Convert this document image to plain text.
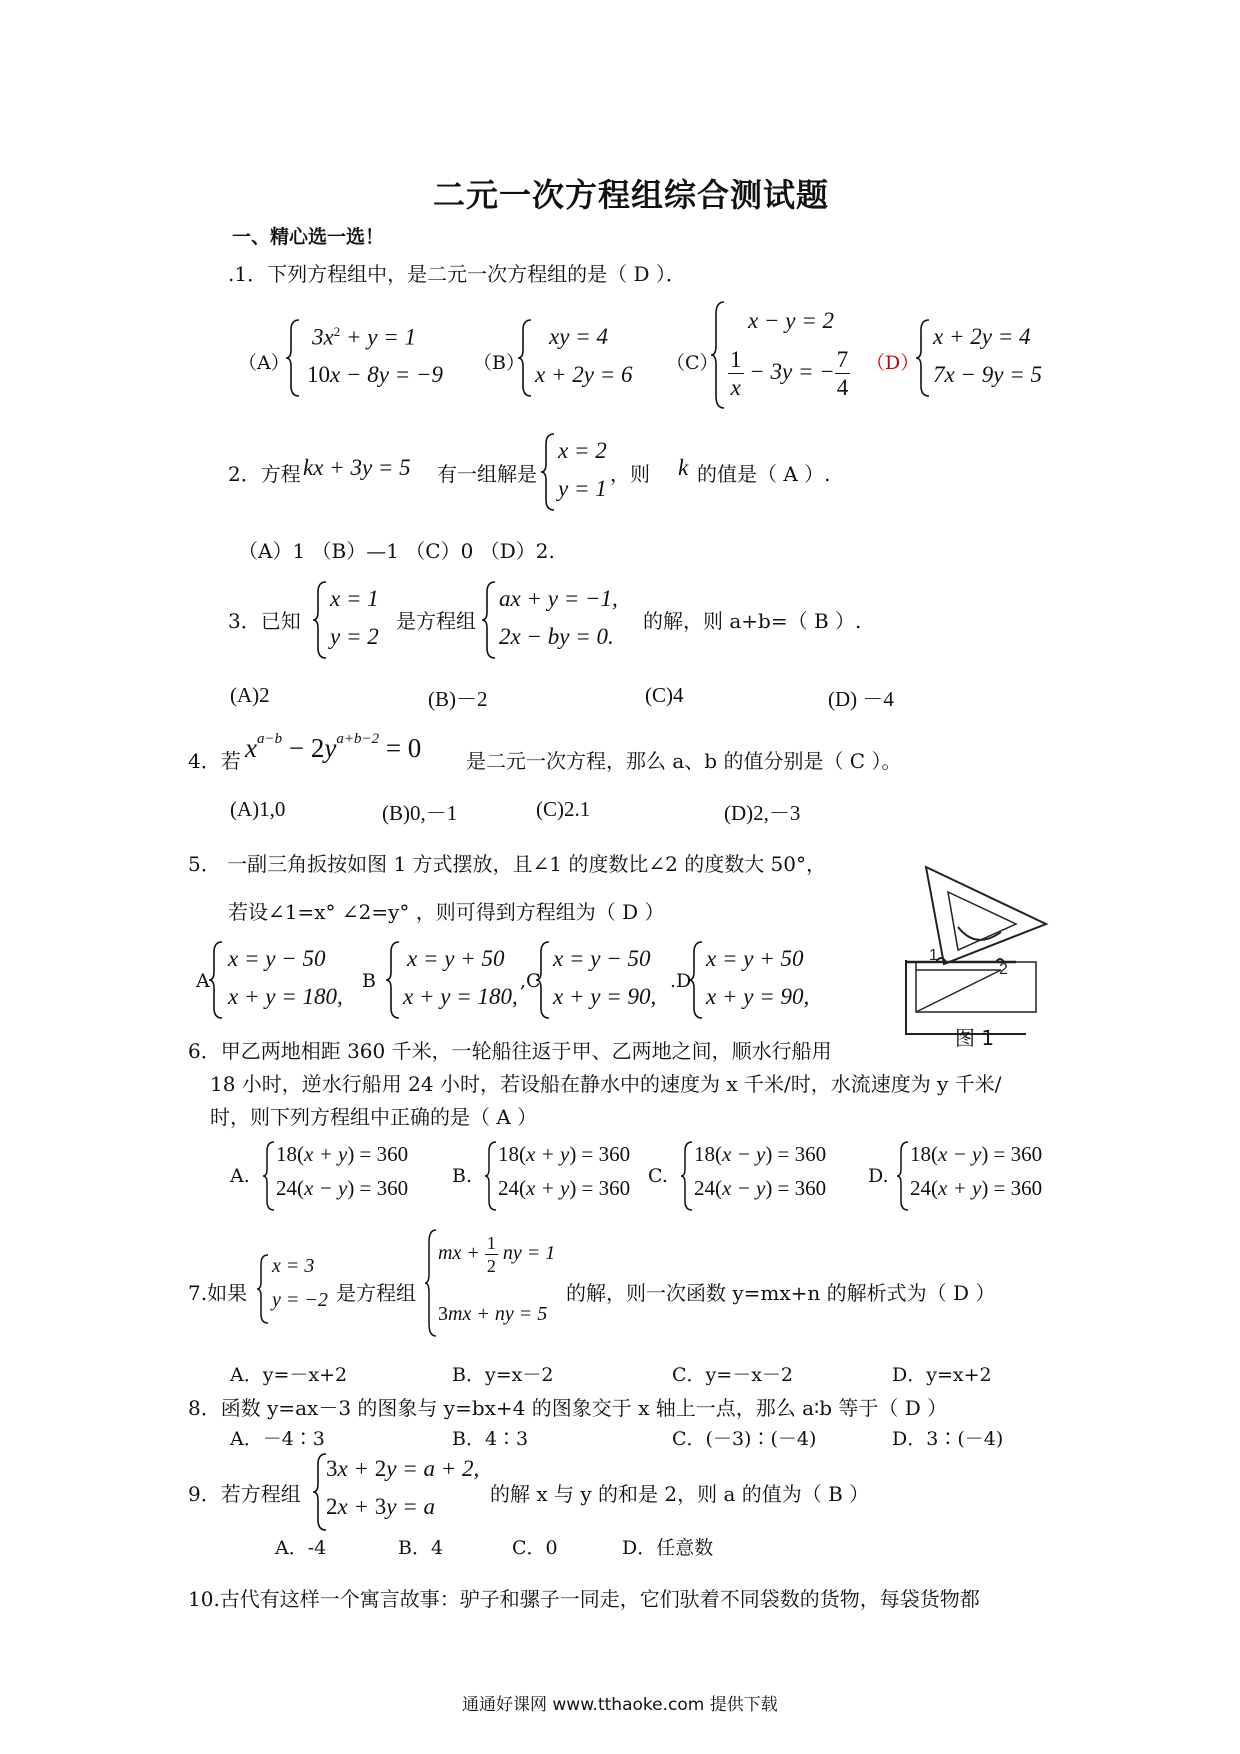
二元一次方程组综合测试题
一、精心选一选！
.1．下列方程组中，是二元一次方程组的是（ D ）．
（A）
$3x^2 + y = 1$
10x − 8y = −9 （B）
xy = 4
x + 2y = 6 （C）
x − y = 2
$\frac{1}{x} - 3y$ = − $\frac{7}{4} (D)$
x + 2y = 4
7x − 9y = 5
2．方程 kx + 3y = 5 有一组解是
x = 2
y = 1
，则 k 的值是（ A ）.
（A）1 （B）—1 （C）0 （D）2.
3．已知
x = 1
y = 2
是方程组
ax + y = −1,
2x − by = 0.
的解，则 a+b=（ B ）.
(A)2	(B)－2	(C)4	(D) －4
4．若 $x^{a-b} - 2y^{a+b-2} = 0$ 是二元一次方程，那么 a、b 的值分别是（ C ）。
(A)1,0	(B)0,－1	(C)2.1	(D)2,－3
5． 一副三角扳按如图 1 方式摆放，且∠1 的度数比∠2 的度数大 50°，
若设∠1=x° ∠2=y° ，则可得到方程组为（ D ）
A
x = y − 50
x + y = 180,
B
x = y + 50
x + y = 180,
,C
x = y − 50
x + y = 90,
.D
x = y + 50
x + y = 90,
1
2
图 1
6．甲乙两地相距 360 千米，一轮船往返于甲、乙两地之间，顺水行船用
18 小时，逆水行船用 24 小时，若设船在静水中的速度为 x 千米/时，水流速度为 y 千米/
时，则下列方程组中正确的是（ A ）
A.
18(x + y) = 360
24(x − y) = 360 B.
18(x + y) = 360
24(x + y) = 360 C.
18(x − y) = 360
24(x − y) = 360 D.
18(x − y) = 360
24(x + y) = 360
7.如果
x = 3
y = −2 是方程组
mx + $\frac{1}{2}$ ny = 1
3mx + ny = 5
的解，则一次函数 y=mx+n 的解析式为（ D ）
A．y=－x+2	B．y=x－2	C．y=－x－2	D．y=x+2
8．函数 y=ax－3 的图象与 y=bx+4 的图象交于 x 轴上一点，那么 a∶b 等于（ D ）
A．－4∶3	B．4∶3	C．(－3)∶(－4)	D．3∶(－4)
9．若方程组
3x + 2y = a + 2,
2x + 3y = a	的解 x 与 y 的和是 2，则 a 的值为（ B ）
A．-4	B．4	C．0	D．任意数
10.古代有这样一个寓言故事：驴子和骡子一同走，它们驮着不同袋数的货物，每袋货物都
通通好课网 www.tthaoke.com 提供下载
